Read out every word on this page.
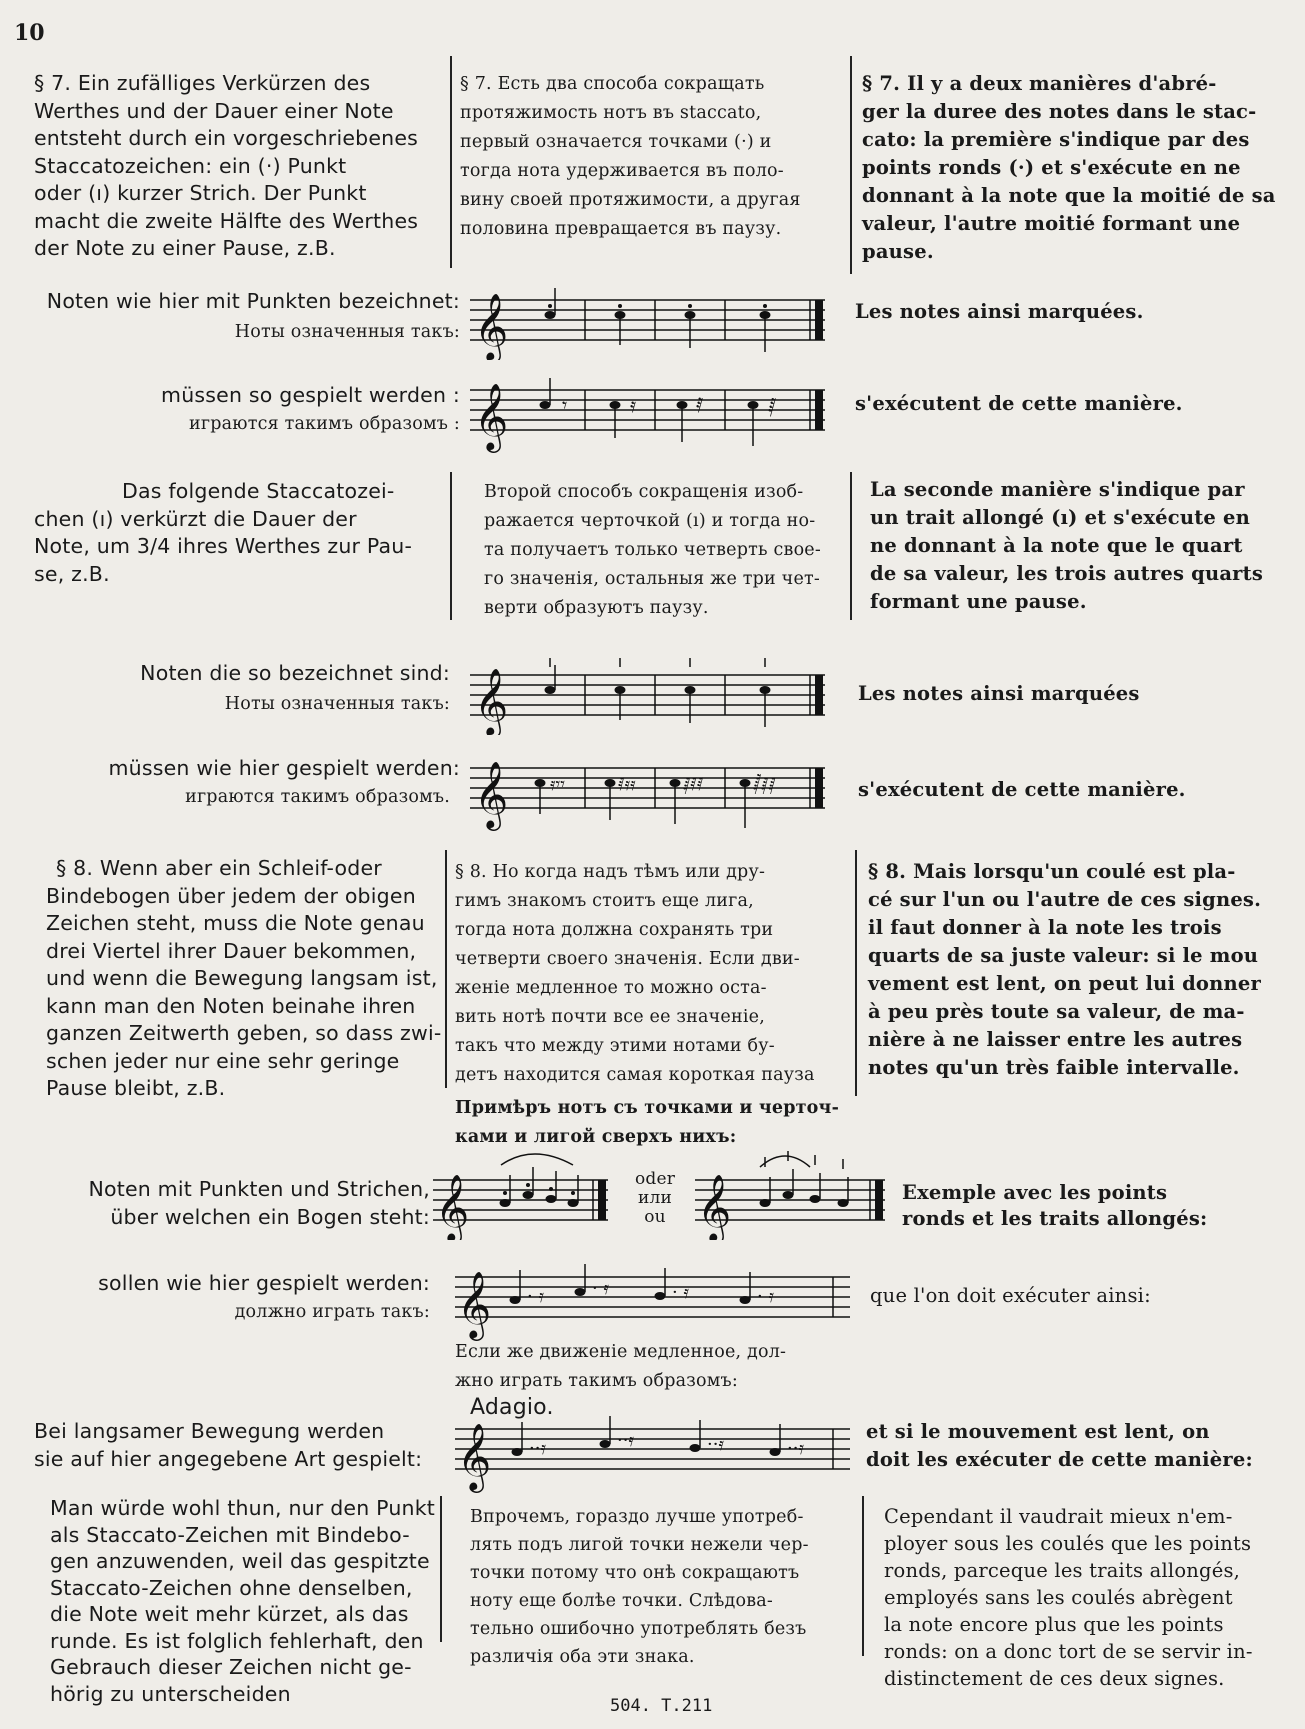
10
§ 7. Ein zufälliges Verkürzen des
Werthes und der Dauer einer Note
entsteht durch ein vorgeschriebenes
Staccatozeichen: ein (·) Punkt
oder (ı) kurzer Strich. Der Punkt
macht die zweite Hälfte des Werthes
der Note zu einer Pause, z.B.
§ 7. Есть два способа сокращать
протяжимость нотъ въ staccato,
первый означается точками (·) и
тогда нота удерживается въ поло-
вину своей протяжимости, а другая
половина превращается въ паузу.
§ 7. Il y a deux manières d'abré-
ger la duree des notes dans le stac-
cato: la première s'indique par des
points ronds (·) et s'exécute en ne
donnant à la note que la moitié de sa
valeur, l'autre moitié formant une
pause.
Noten wie hier mit Punkten bezeichnet:
Ноты означенныя такъ: 𝄞	Les notes ainsi marquées.
müssen so gespielt werden :
играются такимъ образомъ : 𝄞	𝄾	𝄿	𝅀	𝅁	s'exécutent de cette manière.
Das folgende Staccatozei-
chen (ı) verkürzt die Dauer der
Note, um 3/4 ihres Werthes zur Pau-
se, z.B.
Второй способъ сокращенія изоб-
ражается черточкой (ı) и тогда но-
та получаетъ только четверть свое-
го значенія, остальныя же три чет-
верти образуютъ паузу.
La seconde manière s'indique par
un trait allongé (ı) et s'exécute en
ne donnant à la note que le quart
de sa valeur, les trois autres quarts
formant une pause.
Noten die so bezeichnet sind:
Ноты означенныя такъ: 𝄞	Les notes ainsi marquées
müssen wie hier gespielt werden:
играются такимъ образомъ. 𝄞 𝄿𝄾𝄾	𝅀𝄿𝄿	𝅁𝅀𝅀	𝅂𝅁𝅁	s'exécutent de cette manière.
§ 8. Wenn aber ein Schleif-oder
Bindebogen über jedem der obigen
Zeichen steht, muss die Note genau
drei Viertel ihrer Dauer bekommen,
und wenn die Bewegung langsam ist,
kann man den Noten beinahe ihren
ganzen Zeitwerth geben, so dass zwi-
schen jeder nur eine sehr geringe
Pause bleibt, z.B.
§ 8. Но когда надъ тѣмъ или дру-
гимъ знакомъ стоитъ еще лига,
тогда нота должна сохранять три
четверти своего значенія. Если дви-
женіе медленное то можно оста-
вить нотѣ почти все ее значеніе,
такъ что между этими нотами бу-
детъ находится самая короткая пауза
§ 8. Mais lorsqu'un coulé est pla-
cé sur l'un ou l'autre de ces signes.
il faut donner à la note les trois
quarts de sa juste valeur: si le mou
vement est lent, on peut lui donner
à peu près toute sa valeur, de ma-
nière à ne laisser entre les autres
notes qu'un très faible intervalle.
Примѣръ нотъ съ точками и черточ-
ками и лигой сверхъ нихъ:
Noten mit Punkten und Strichen,
über welchen ein Bogen steht: 𝄞	oder
или
ou 𝄞	Exemple avec les points
ronds et les traits allongés:
sollen wie hier gespielt werden:
должно играть такъ: 𝄞 · 𝄿	· 𝄿	· 𝄿	· 𝄿	que l'on doit exécuter ainsi:
Если же движеніе медленное, дол-
жно играть такимъ образомъ:
Adagio.
Bei langsamer Bewegung werden
sie auf hier angegebene Art gespielt: 𝄞 ··𝄿	··𝄿	··𝄿	··𝄿
et si le mouvement est lent, on
doit les exécuter de cette manière:
Man würde wohl thun, nur den Punkt
als Staccato-Zeichen mit Bindebo-
gen anzuwenden, weil das gespitzte
Staccato-Zeichen ohne denselben,
die Note weit mehr kürzet, als das
runde. Es ist folglich fehlerhaft, den
Gebrauch dieser Zeichen nicht ge-
hörig zu unterscheiden
Впрочемъ, гораздо лучше употреб-
лять подъ лигой точки нежели чер-
точки потому что онѣ сокращаютъ
ноту еще болѣе точки. Слѣдова-
тельно ошибочно употреблять безъ
различія оба эти знака.
Cependant il vaudrait mieux n'em-
ployer sous les coulés que les points
ronds, parceque les traits allongés,
employés sans les coulés abrègent
la note encore plus que les points
ronds: on a donc tort de se servir in-
distinctement de ces deux signes.
504. T.211
